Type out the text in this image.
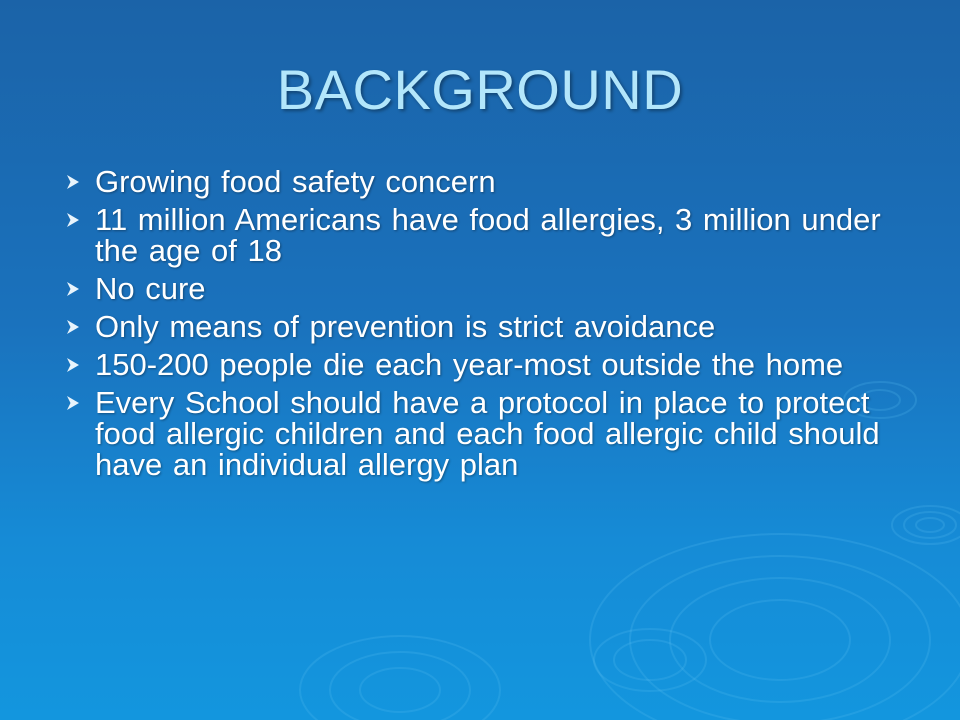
BACKGROUND
Growing food safety concern
11 million Americans have food allergies, 3 million under the age of 18
No cure
Only means of prevention is strict avoidance
150-200 people die each year-most outside the home
Every School should have a protocol in place to protect food allergic children and each food allergic child should have an individual allergy plan
